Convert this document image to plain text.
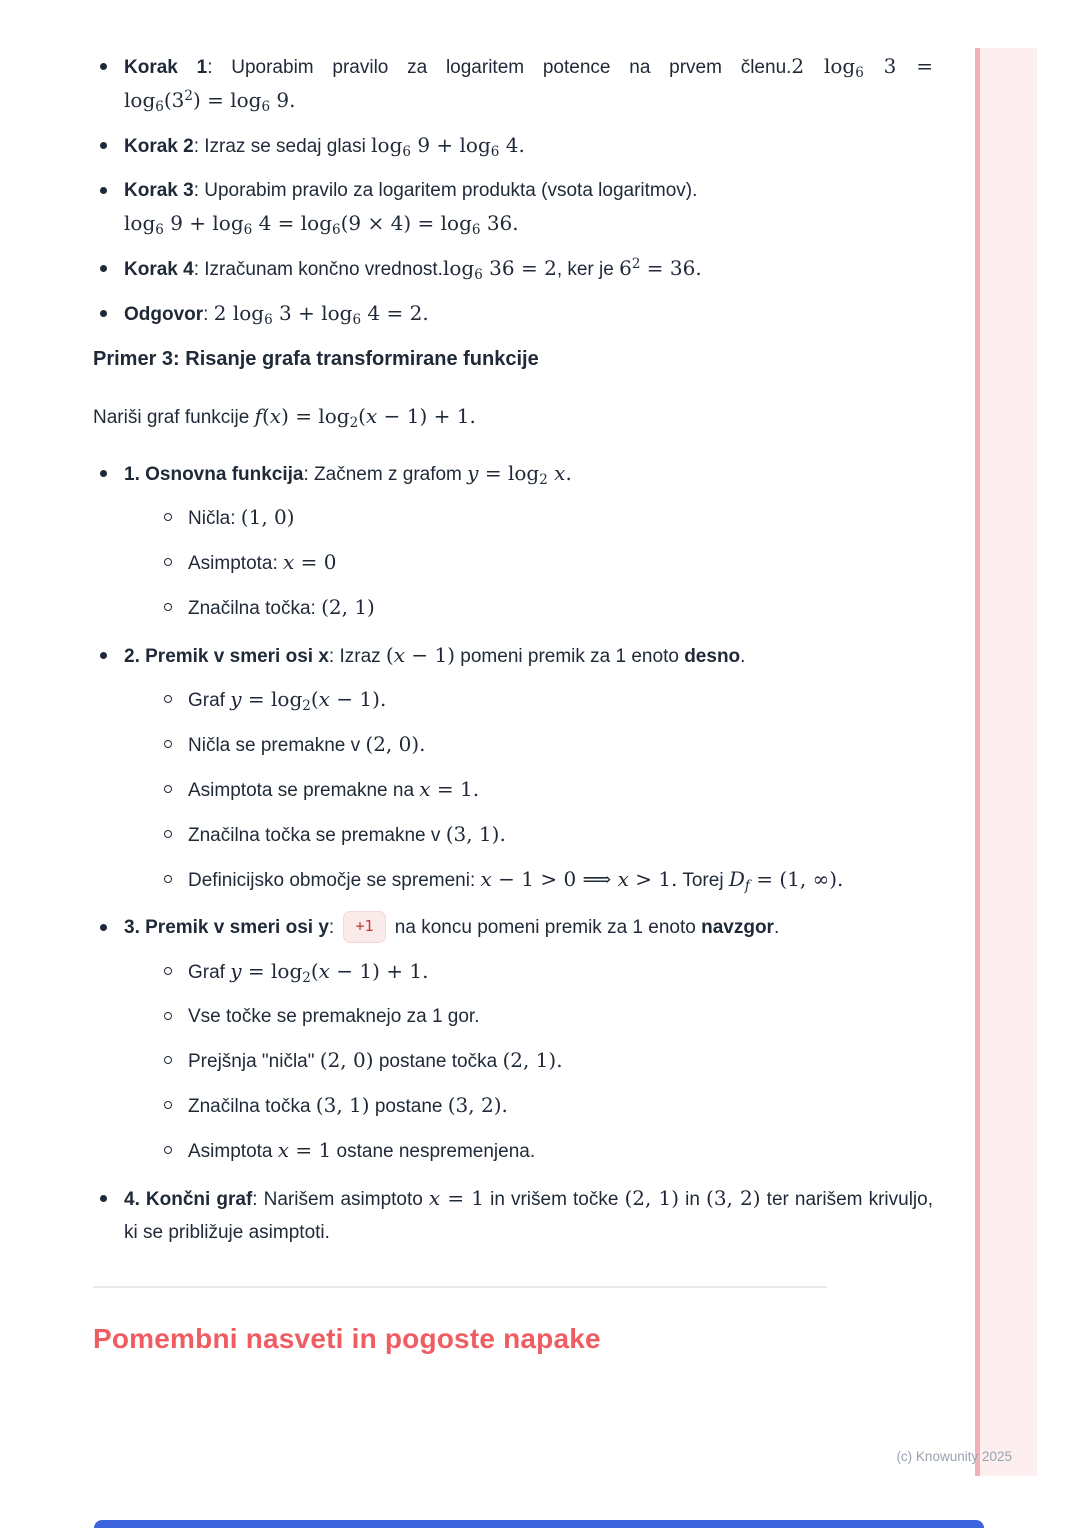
Korak 1: Uporabim pravilo za logaritem potence na prvem členu.2 $\log_6 3 = \log_6(3^2) = \log_6 9$.
Korak 2: Izraz se sedaj glasi $\log_6 9 + \log_6 4$.
Korak 3: Uporabim pravilo za logaritem produkta (vsota logaritmov).
$\log_6 9 + \log_6 4 = \log_6(9 \times 4) = \log_6 36$.
Korak 4: Izračunam končno $vrednost.\log_6$ 36 = 2, ker je $6^2 = 36$.
Odgovor: 2 $\log_6 3 + \log_6 4 = 2$.
Primer 3: Risanje grafa transformirane funkcije

Nariši graf funkcije $f(x) = \log_2(x - 1) + 1$.

1. Osnovna funkcija: Začnem z grafom $y = \log_2 x$.
Ničla: (1, 0)
Asimptota: x = 0
Značilna točka: (2, 1)
2. Premik v smeri osi x: Izraz (x − 1) pomeni premik za 1 enoto desno.
Graf $y = \log_2(x - 1)$.
Ničla se premakne v (2, 0).
Asimptota se premakne na x = 1.
Značilna točka se premakne v (3, 1).
Definicijsko območje se spremeni: x − 1 > 0 ⟹ x > 1. Torej $D_f = (1$, ∞).
3. Premik v smeri osi y: +1 na koncu pomeni premik za 1 enoto navzgor.
Graf $y = \log_2(x - 1) + 1$.
Vse točke se premaknejo za 1 gor.
Prejšnja "ničla" (2, 0) postane točka (2, 1).
Značilna točka (3, 1) postane (3, 2).
Asimptota x = 1 ostane nespremenjena.
4. Končni graf: Narišem asimptoto x = 1 in vrišem točke (2, 1) in (3, 2) ter narišem krivuljo, ki se približuje asimptoti.
Pomembni nasveti in pogoste napake
(c) Knowunity 2025
